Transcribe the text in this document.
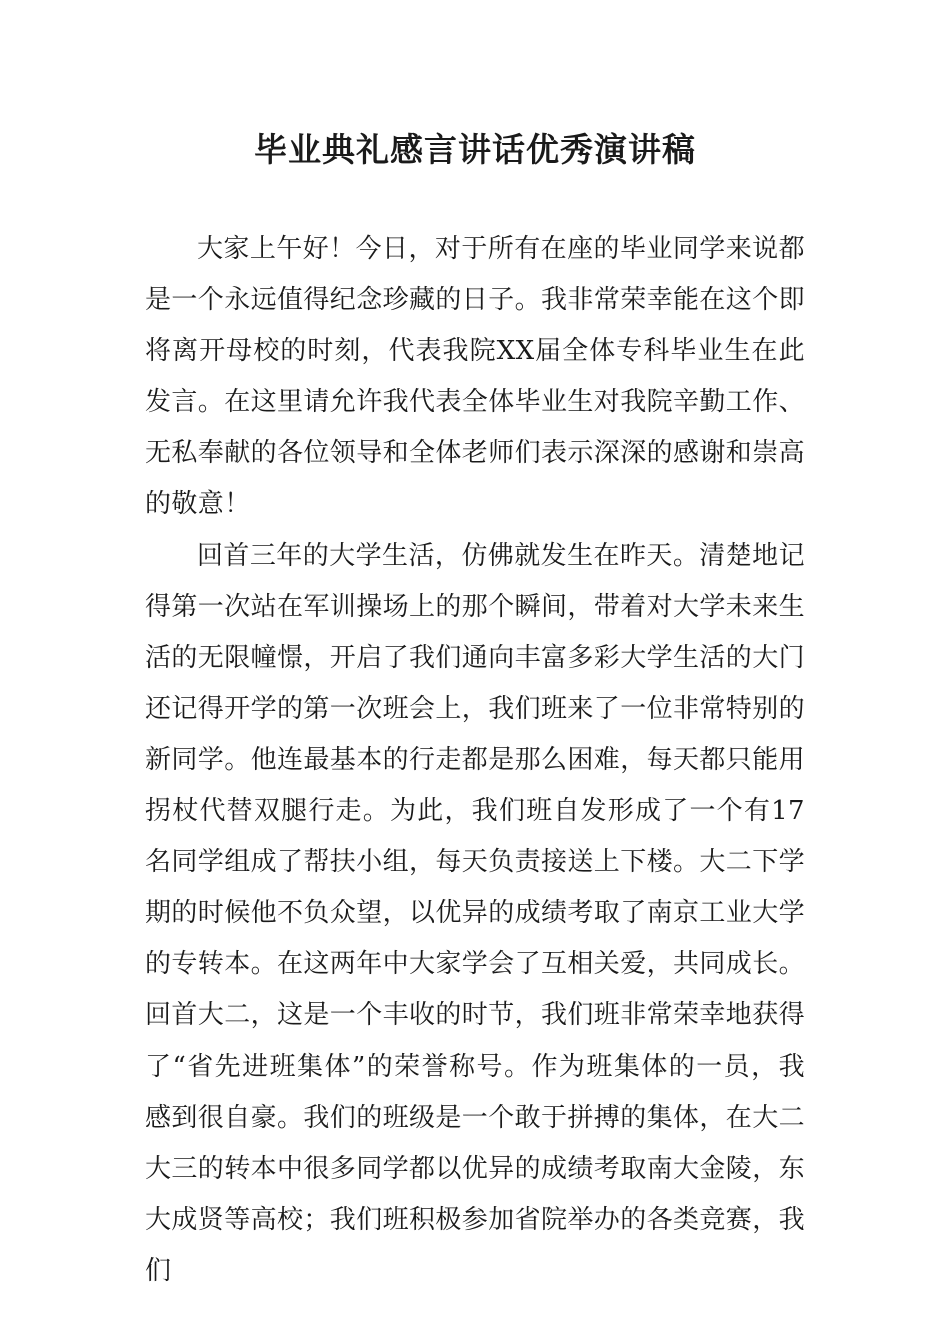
毕业典礼感言讲话优秀演讲稿

大家上午好！今日，对于所有在座的毕业同学来说都是一个永远值得纪念珍藏的日子。我非常荣幸能在这个即将离开母校的时刻，代表我院XX届全体专科毕业生在此发言。在这里请允许我代表全体毕业生对我院辛勤工作、无私奉献的各位领导和全体老师们表示深深的感谢和崇高的敬意！

回首三年的大学生活，仿佛就发生在昨天。清楚地记得第一次站在军训操场上的那个瞬间，带着对大学未来生活的无限幢憬，开启了我们通向丰富多彩大学生活的大门

还记得开学的第一次班会上，我们班来了一位非常特别的新同学。他连最基本的行走都是那么困难，每天都只能用拐杖代替双腿行走。为此，我们班自发形成了一个有17名同学组成了帮扶小组，每天负责接送上下楼。大二下学期的时候他不负众望，以优异的成绩考取了南京工业大学的专转本。在这两年中大家学会了互相关爱，共同成长。回首大二，这是一个丰收的时节，我们班非常荣幸地获得了“省先进班集体”的荣誉称号。作为班集体的一员，我感到很自豪。我们的班级是一个敢于拼搏的集体，在大二大三的转本中很多同学都以优异的成绩考取南大金陵，东大成贤等高校；我们班积极参加省院举办的各类竞赛，我们
